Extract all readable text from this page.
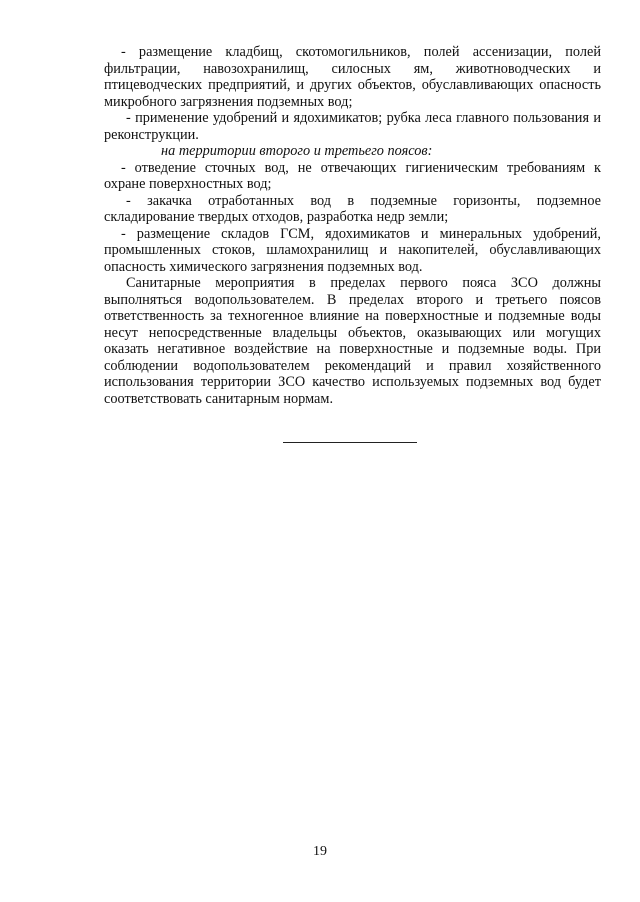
- размещение кладбищ, скотомогильников, полей ассенизации, полей фильтрации, навозохранилищ, силосных ям, животноводческих и птицеводческих предприятий, и других объектов, обуславливающих опасность микробного загрязнения подземных вод;

- применение удобрений и ядохимикатов; рубка леса главного пользования и реконструкции.

на территории второго и третьего поясов:

- отведение сточных вод, не отвечающих гигиеническим требованиям к охране поверхностных вод;

- закачка отработанных вод в подземные горизонты, подземное складирование твердых отходов, разработка недр земли;

- размещение складов ГСМ, ядохимикатов и минеральных удобрений, промышленных стоков, шламохранилищ и накопителей, обуславливающих опасность химического загрязнения подземных вод.

Санитарные мероприятия в пределах первого пояса ЗСО должны выполняться водопользователем. В пределах второго и третьего поясов ответственность за техногенное влияние на поверхностные и подземные воды несут непосредственные владельцы объектов, оказывающих или могущих оказать негативное воздействие на поверхностные и подземные воды. При соблюдении водопользователем рекомендаций и правил хозяйственного использования территории ЗСО качество используемых подземных вод будет соответствовать санитарным нормам.

19
